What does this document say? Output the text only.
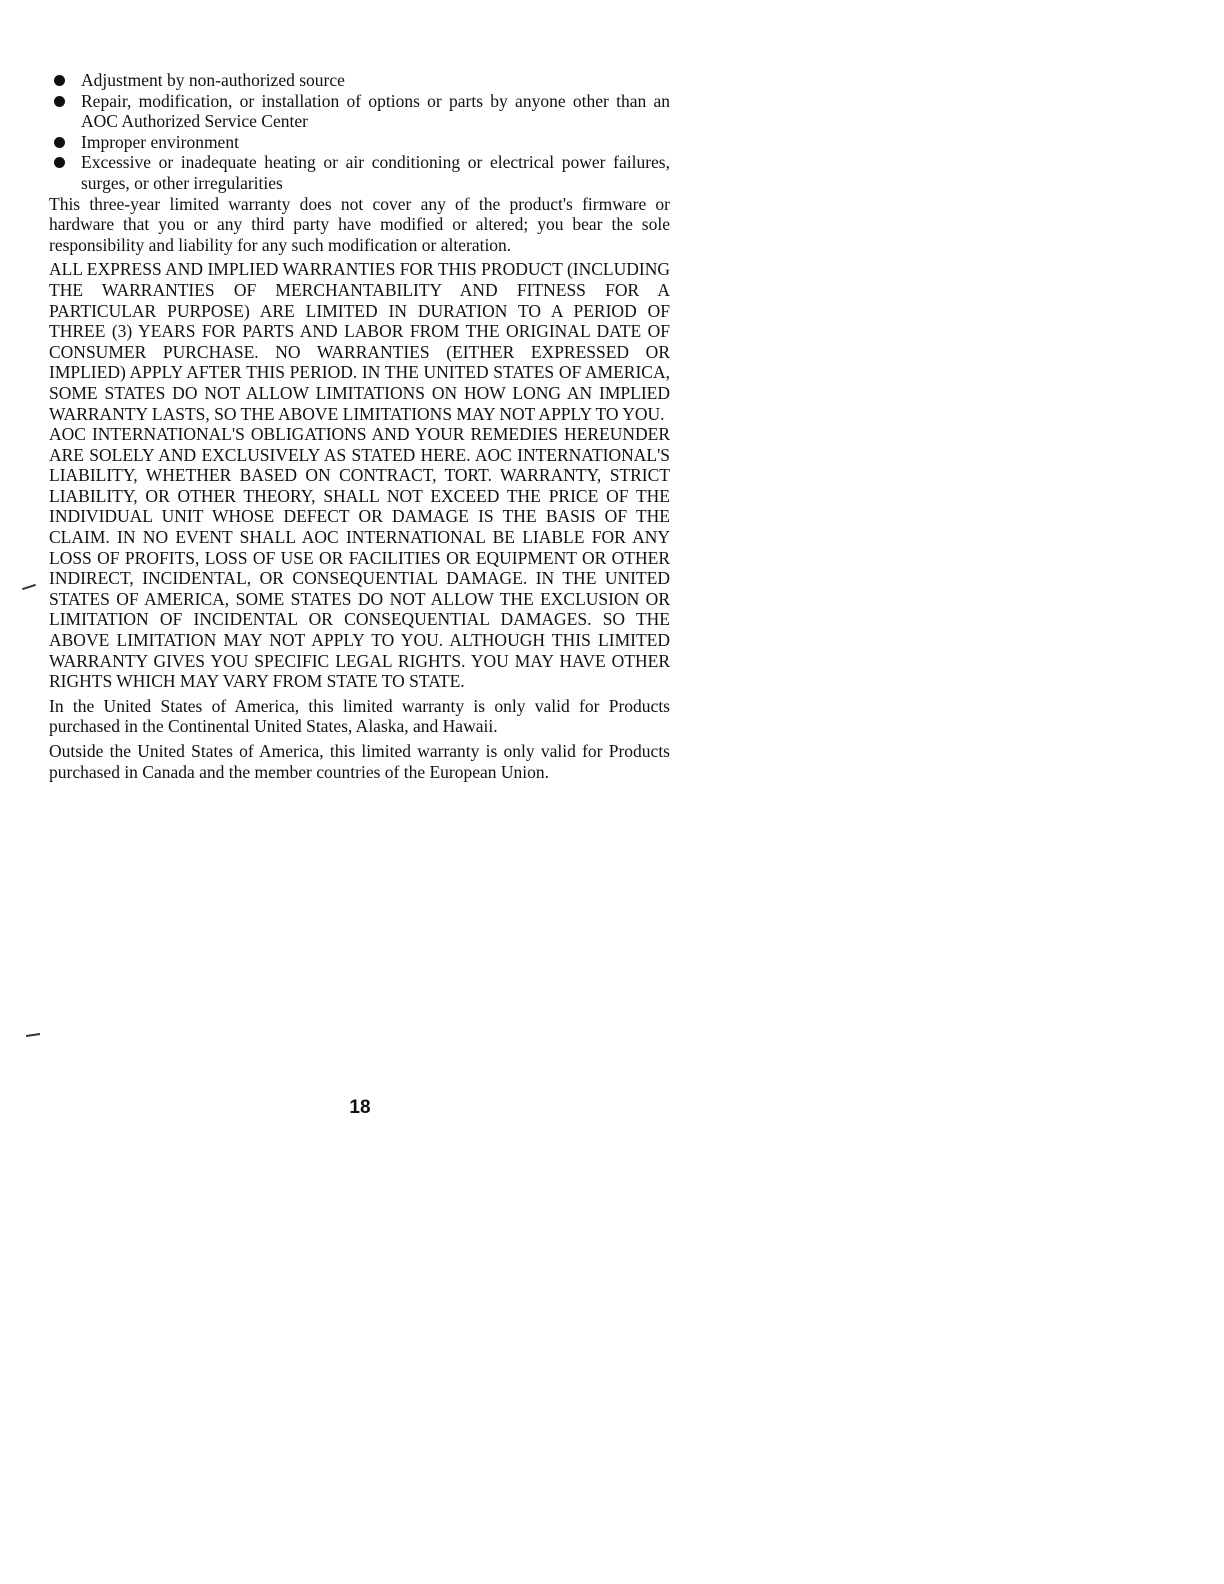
Adjustment by non-authorized source
Repair, modification, or installation of options or parts by anyone other than an AOC Authorized Service Center
Improper environment
Excessive or inadequate heating or air conditioning or electrical power failures, surges, or other irregularities

This three-year limited warranty does not cover any of the product's firmware or hardware that you or any third party have modified or altered; you bear the sole responsibility and liability for any such modification or alteration.

ALL EXPRESS AND IMPLIED WARRANTIES FOR THIS PRODUCT (INCLUDING THE WARRANTIES OF MERCHANTABILITY AND FITNESS FOR A PARTICULAR PURPOSE) ARE LIMITED IN DURATION TO A PERIOD OF THREE (3) YEARS FOR PARTS AND LABOR FROM THE ORIGINAL DATE OF CONSUMER PURCHASE. NO WARRANTIES (EITHER EXPRESSED OR IMPLIED) APPLY AFTER THIS PERIOD. IN THE UNITED STATES OF AMERICA, SOME STATES DO NOT ALLOW LIMITATIONS ON HOW LONG AN IMPLIED WARRANTY LASTS, SO THE ABOVE LIMITATIONS MAY NOT APPLY TO YOU.

AOC INTERNATIONAL'S OBLIGATIONS AND YOUR REMEDIES HEREUNDER ARE SOLELY AND EXCLUSIVELY AS STATED HERE. AOC INTERNATIONAL'S LIABILITY, WHETHER BASED ON CONTRACT, TORT. WARRANTY, STRICT LIABILITY, OR OTHER THEORY, SHALL NOT EXCEED THE PRICE OF THE INDIVIDUAL UNIT WHOSE DEFECT OR DAMAGE IS THE BASIS OF THE CLAIM. IN NO EVENT SHALL AOC INTERNATIONAL BE LIABLE FOR ANY LOSS OF PROFITS, LOSS OF USE OR FACILITIES OR EQUIPMENT OR OTHER INDIRECT, INCIDENTAL, OR CONSEQUENTIAL DAMAGE. IN THE UNITED STATES OF AMERICA, SOME STATES DO NOT ALLOW THE EXCLUSION OR LIMITATION OF INCIDENTAL OR CONSEQUENTIAL DAMAGES. SO THE ABOVE LIMITATION MAY NOT APPLY TO YOU. ALTHOUGH THIS LIMITED WARRANTY GIVES YOU SPECIFIC LEGAL RIGHTS. YOU MAY HAVE OTHER RIGHTS WHICH MAY VARY FROM STATE TO STATE.

In the United States of America, this limited warranty is only valid for Products purchased in the Continental United States, Alaska, and Hawaii.

Outside the United States of America, this limited warranty is only valid for Products purchased in Canada and the member countries of the European Union.

18
